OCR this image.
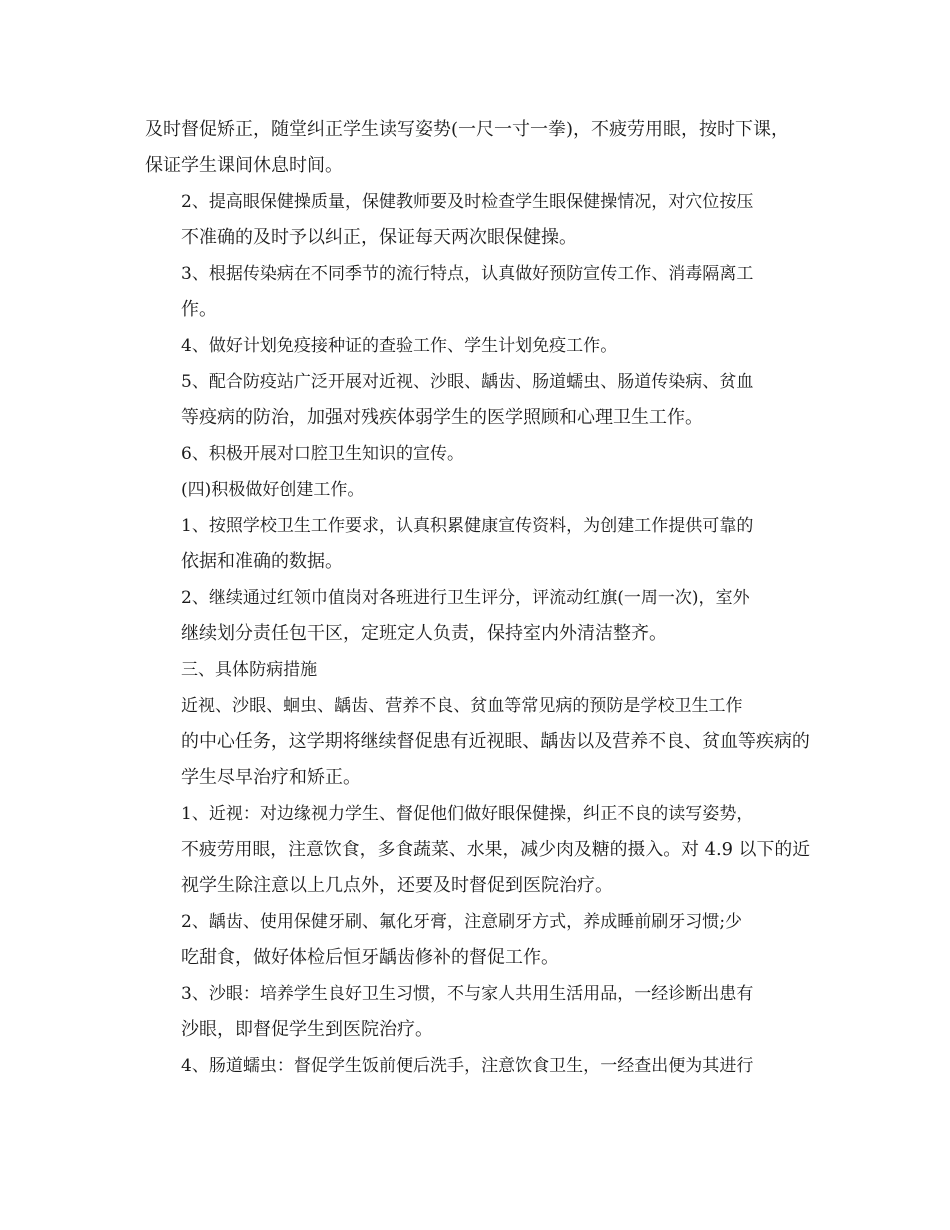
及时督促矫正，随堂纠正学生读写姿势(一尺一寸一拳)，不疲劳用眼，按时下课，
保证学生课间休息时间。

2、提高眼保健操质量，保健教师要及时检查学生眼保健操情况，对穴位按压
不准确的及时予以纠正，保证每天两次眼保健操。

3、根据传染病在不同季节的流行特点，认真做好预防宣传工作、消毒隔离工
作。

4、做好计划免疫接种证的查验工作、学生计划免疫工作。

5、配合防疫站广泛开展对近视、沙眼、龋齿、肠道蠕虫、肠道传染病、贫血
等疫病的防治，加强对残疾体弱学生的医学照顾和心理卫生工作。

6、积极开展对口腔卫生知识的宣传。

(四)积极做好创建工作。

1、按照学校卫生工作要求，认真积累健康宣传资料，为创建工作提供可靠的
依据和准确的数据。

2、继续通过红领巾值岗对各班进行卫生评分，评流动红旗(一周一次)，室外
继续划分责任包干区，定班定人负责，保持室内外清洁整齐。

三、具体防病措施

近视、沙眼、蛔虫、龋齿、营养不良、贫血等常见病的预防是学校卫生工作
的中心任务，这学期将继续督促患有近视眼、龋齿以及营养不良、贫血等疾病的
学生尽早治疗和矫正。

1、近视：对边缘视力学生、督促他们做好眼保健操，纠正不良的读写姿势，
不疲劳用眼，注意饮食，多食蔬菜、水果，减少肉及糖的摄入。对 4.9 以下的近
视学生除注意以上几点外，还要及时督促到医院治疗。

2、龋齿、使用保健牙刷、氟化牙膏，注意刷牙方式，养成睡前刷牙习惯;少
吃甜食，做好体检后恒牙龋齿修补的督促工作。

3、沙眼：培养学生良好卫生习惯，不与家人共用生活用品，一经诊断出患有
沙眼，即督促学生到医院治疗。

4、肠道蠕虫：督促学生饭前便后洗手，注意饮食卫生，一经查出便为其进行
